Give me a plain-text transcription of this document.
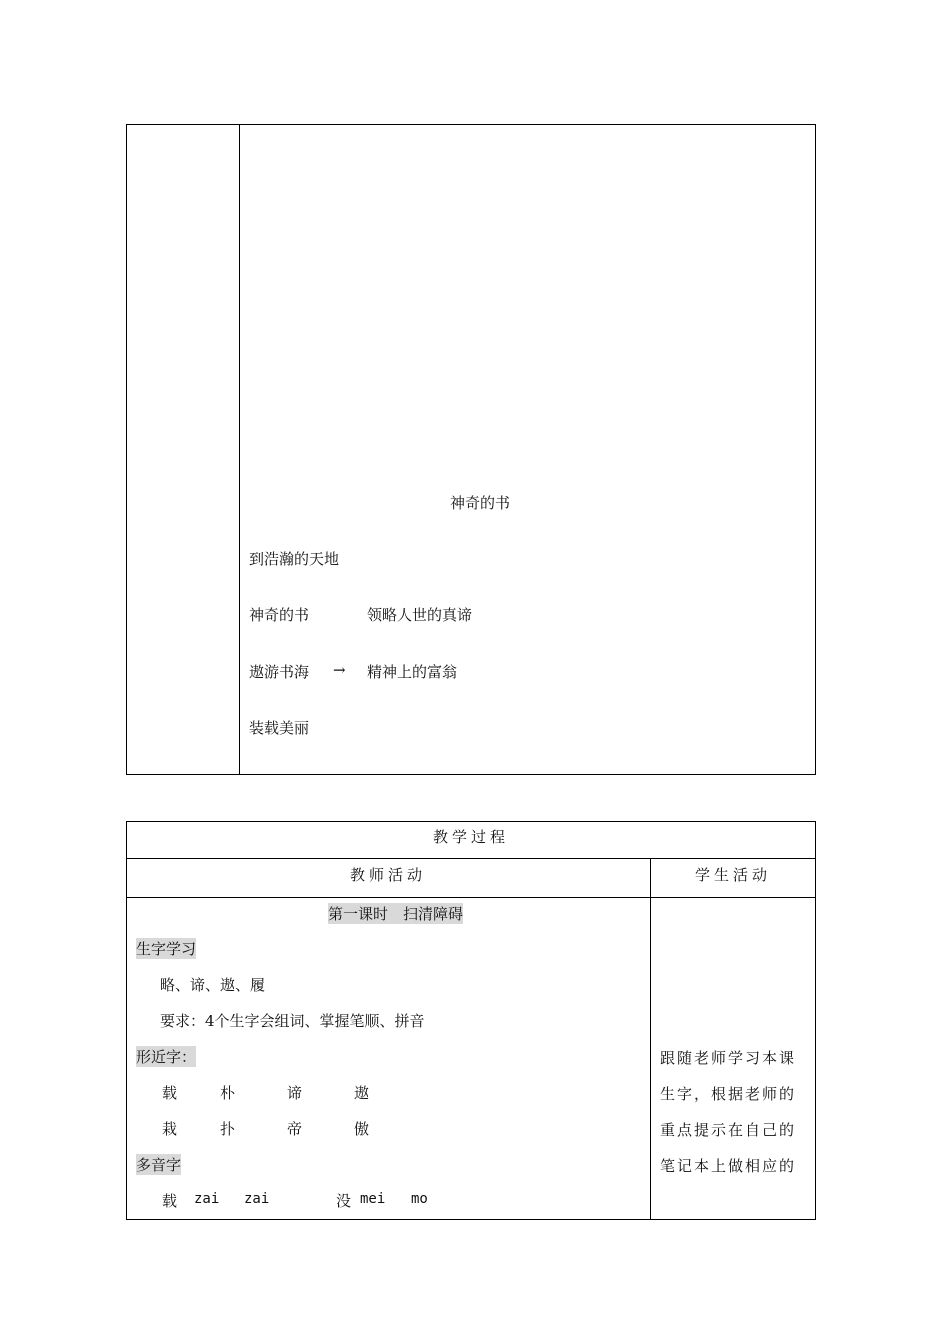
神奇的书
到浩瀚的天地
神奇的书	领略人世的真谛
遨游书海 → 精神上的富翁
装载美丽
教学过程
教师活动	学生活动
第一课时　扫清障碍
生字学习
略、谛、遨、履
要求：4个生字会组词、掌握笔顺、拼音
形近字：
载	朴	谛	遨
栽	扑	帝	傲
多音字
载 zai zai	没 mei mo
跟随老师学习本课生字，根据老师的重点提示在自己的笔记本上做相应的
